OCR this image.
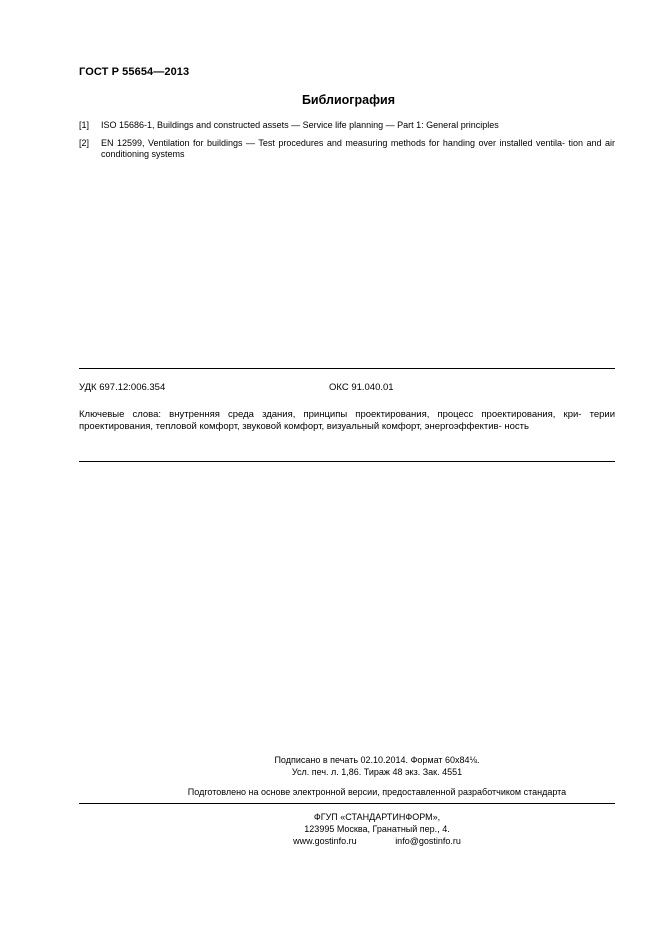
ГОСТ Р 55654—2013
Библиография
[1] ISO 15686-1, Buildings and constructed assets — Service life planning — Part 1: General principles
[2] EN 12599, Ventilation for buildings — Test procedures and measuring methods for handing over installed ventila- tion and air conditioning systems
УДК 697.12:006.354	ОКС 91.040.01
Ключевые слова: внутренняя среда здания, принципы проектирования, процесс проектирования, кри- терии проектирования, тепловой комфорт, звуковой комфорт, визуальный комфорт, энергоэффектив- ность
Подписано в печать 02.10.2014. Формат 60x84⅛.
Усл. печ. л. 1,86. Тираж 48 экз. Зак. 4551
Подготовлено на основе электронной версии, предоставленной разработчиком стандарта
ФГУП «СТАНДАРТИНФОРМ»,
123995 Москва, Гранатный пер., 4.
www.gostinfo.ru	info@gostinfo.ru
